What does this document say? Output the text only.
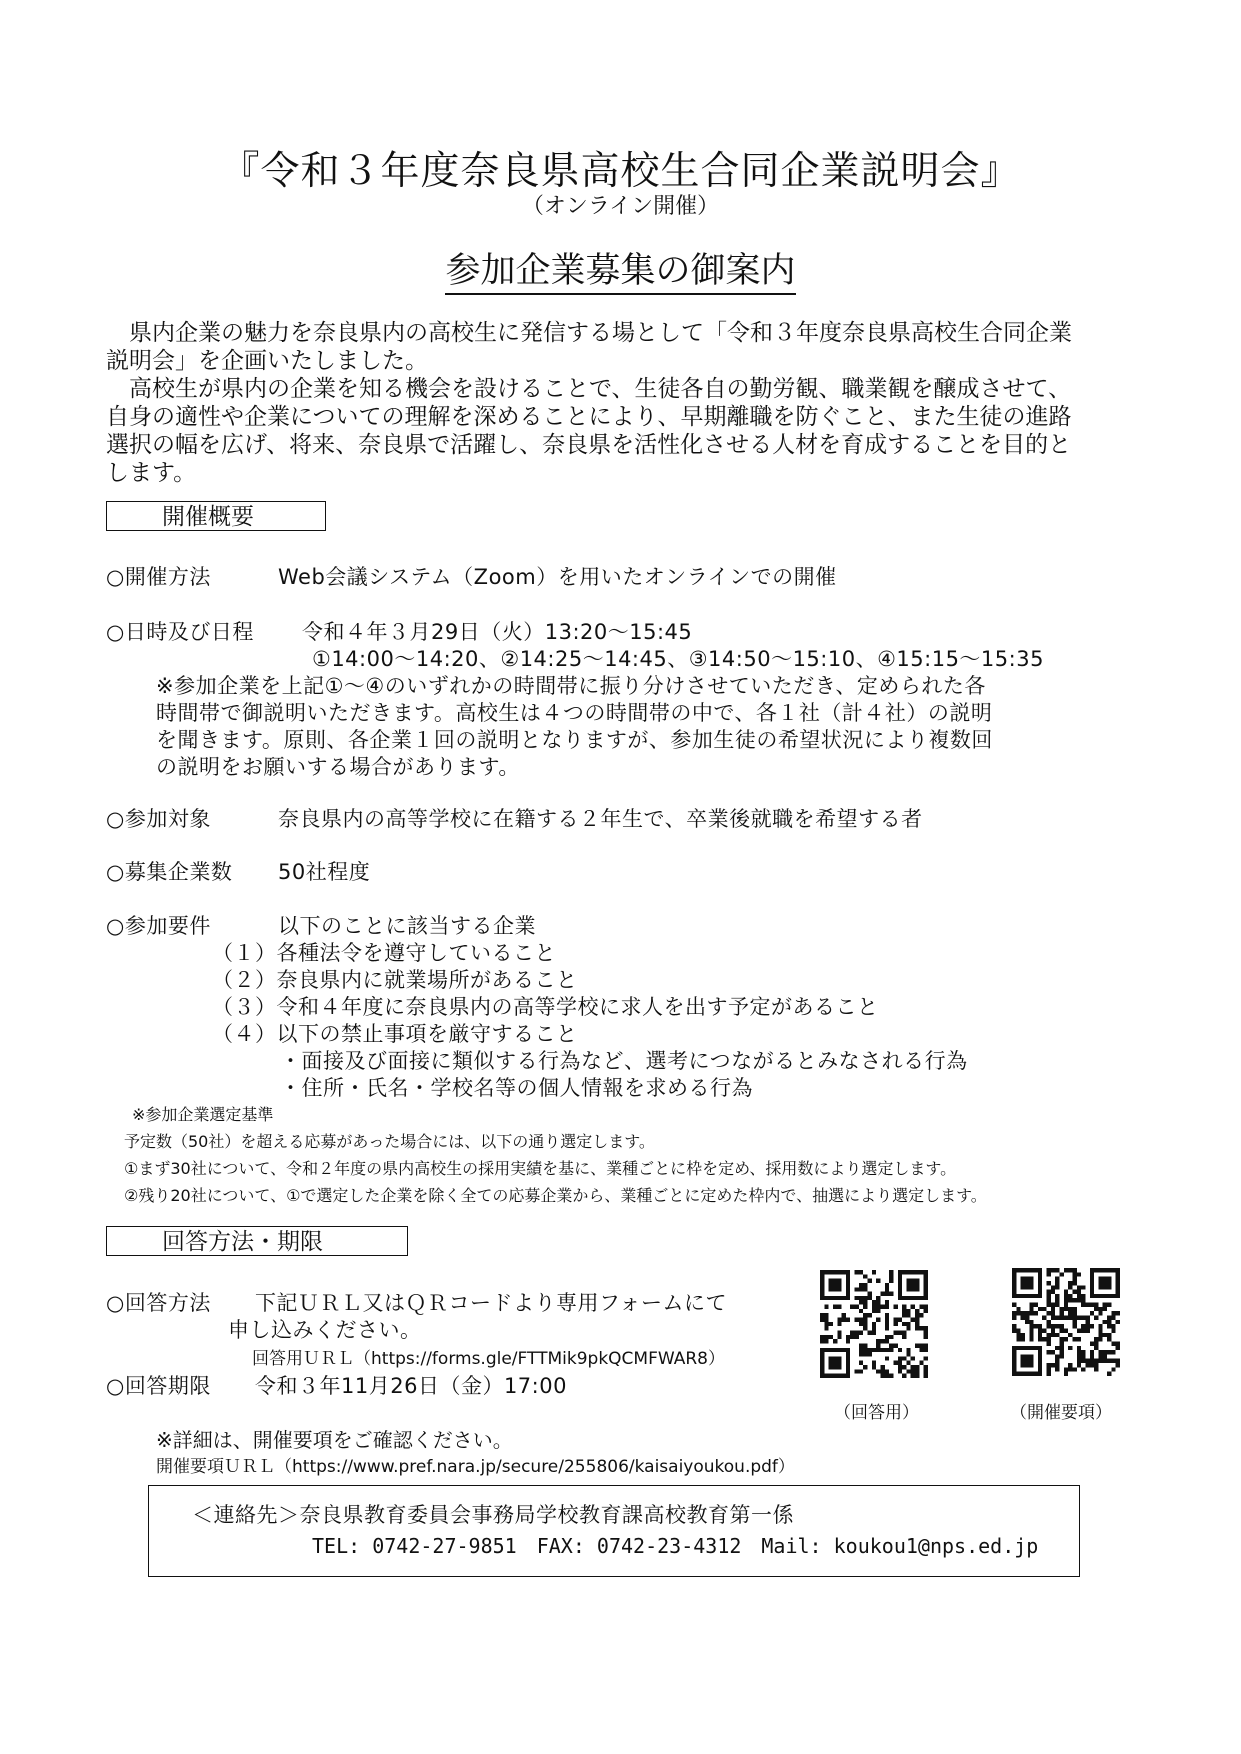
『令和３年度奈良県高校生合同企業説明会』
（オンライン開催）
参加企業募集の御案内
　県内企業の魅力を奈良県内の高校生に発信する場として「令和３年度奈良県高校生合同企業
説明会」を企画いたしました。
　高校生が県内の企業を知る機会を設けることで、生徒各自の勤労観、職業観を醸成させて、
自身の適性や企業についての理解を深めることにより、早期離職を防ぐこと、また生徒の進路
選択の幅を広げ、将来、奈良県で活躍し、奈良県を活性化させる人材を育成することを目的と
します。
開催概要
○開催方法	Web会議システム（Zoom）を用いたオンラインでの開催
○日時及び日程 令和４年３月29日（火）13:20～15:45
①14:00～14:20、②14:25～14:45、③14:50～15:10、④15:15～15:35
※参加企業を上記①～④のいずれかの時間帯に振り分けさせていただき、定められた各
時間帯で御説明いただきます。高校生は４つの時間帯の中で、各１社（計４社）の説明
を聞きます。原則、各企業１回の説明となりますが、参加生徒の希望状況により複数回
の説明をお願いする場合があります。
○参加対象	奈良県内の高等学校に在籍する２年生で、卒業後就職を希望する者
○募集企業数 50社程度
○参加要件	以下のことに該当する企業
（１）各種法令を遵守していること
（２）奈良県内に就業場所があること
（３）令和４年度に奈良県内の高等学校に求人を出す予定があること
（４）以下の禁止事項を厳守すること
・面接及び面接に類似する行為など、選考につながるとみなされる行為
・住所・氏名・学校名等の個人情報を求める行為
※参加企業選定基準
予定数（50社）を超える応募があった場合には、以下の通り選定します。
①まず30社について、令和２年度の県内高校生の採用実績を基に、業種ごとに枠を定め、採用数により選定します。
②残り20社について、①で選定した企業を除く全ての応募企業から、業種ごとに定めた枠内で、抽選により選定します。
回答方法・期限
○回答方法 下記ＵＲＬ又はＱＲコードより専用フォームにて
申し込みください。
回答用ＵＲＬ（https://forms.gle/FTTMik9pkQCMFWAR8）
○回答期限 令和３年11月26日（金）17:00
（回答用）	（開催要項）
※詳細は、開催要項をご確認ください。
開催要項ＵＲＬ（https://www.pref.nara.jp/secure/255806/kaisaiyoukou.pdf）
＜連絡先＞奈良県教育委員会事務局学校教育課高校教育第一係
TEL: 0742-27-9851　FAX: 0742-23-4312　Mail: koukou1@nps.ed.jp
